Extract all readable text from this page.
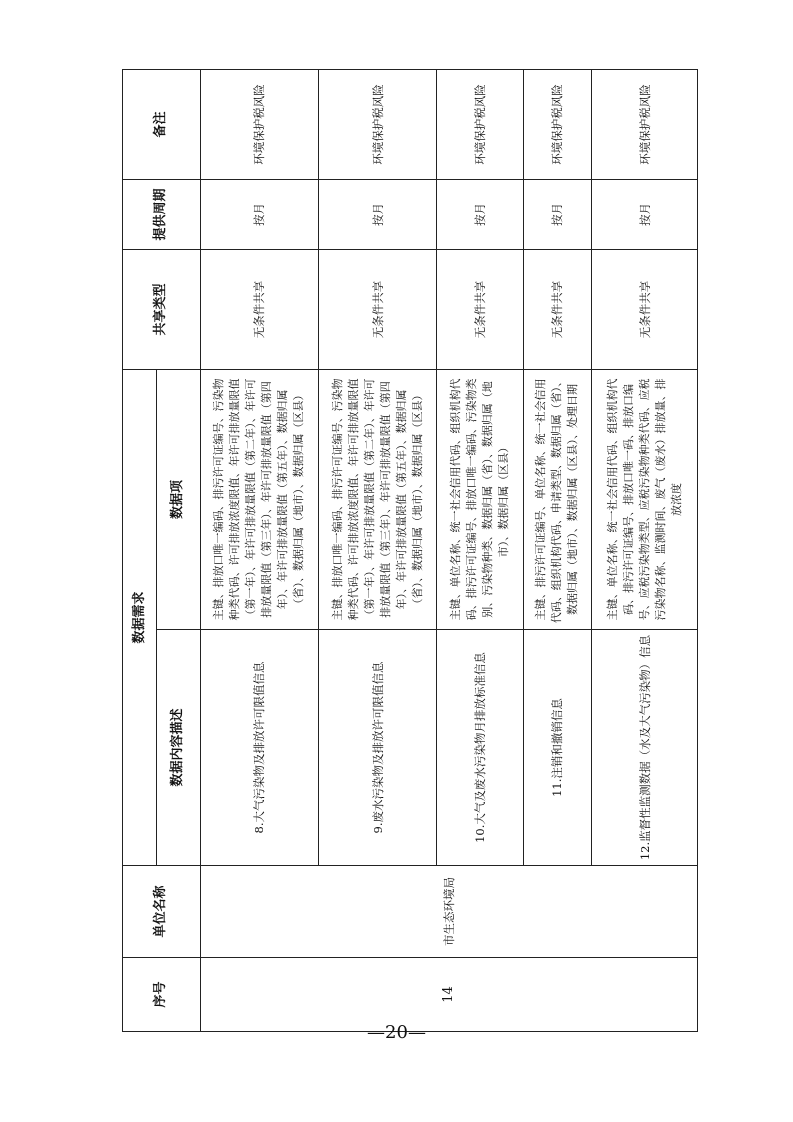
序号	单位名称	数据需求		共享类型	提供周期	备注
		数据内容描述	数据项			
14	市生态环境局	8.大气污染物及排放许可限值信息	主键、排放口唯一编码、排污许可证编号、污染物种类代码、许可排放浓度限值、年许可排放量限值（第一年）、年许可排放量限值（第二年）、年许可排放量限值（第三年）、年许可排放量限值（第四年）、年许可排放量限值（第五年）、数据归属（省）、数据归属（地市）、数据归属（区县）	无条件共享	按月	环境保护税风险
		9.废水污染物及排放许可限值信息	主键、排放口唯一编码、排污许可证编号、污染物种类代码、许可排放浓度限值、年许可排放量限值（第一年）、年许可排放量限值（第二年）、年许可排放量限值（第三年）、年许可排放量限值（第四年）、年许可排放量限值（第五年）、数据归属（省）、数据归属（地市）、数据归属（区县）	无条件共享	按月	环境保护税风险
		10.大气及废水污染物月排放标准信息	主键、单位名称、统一社会信用代码、组织机构代码、排污许可证编号、排放口唯一编码、污染物类别、污染物种类、数据归属（省）、数据归属（地市）、数据归属（区县）	无条件共享	按月	环境保护税风险
		11.注销和撤销信息	主键、排污许可证编号、单位名称、统一社会信用代码、组织机构代码、申请类型、数据归属（省）、数据归属（地市）、数据归属（区县）、处理日期	无条件共享	按月	环境保护税风险
		12.监督性监测数据（水及大气污染物）信息	主键、单位名称、统一社会信用代码、组织机构代码、排污许可证编号、排放口唯一码、排放口编号、应税污染物类型、应税污染物种类代码、应税污染物名称、监测时间、废气（废水）排放量、排放浓度	无条件共享	按月	环境保护税风险
—20—
